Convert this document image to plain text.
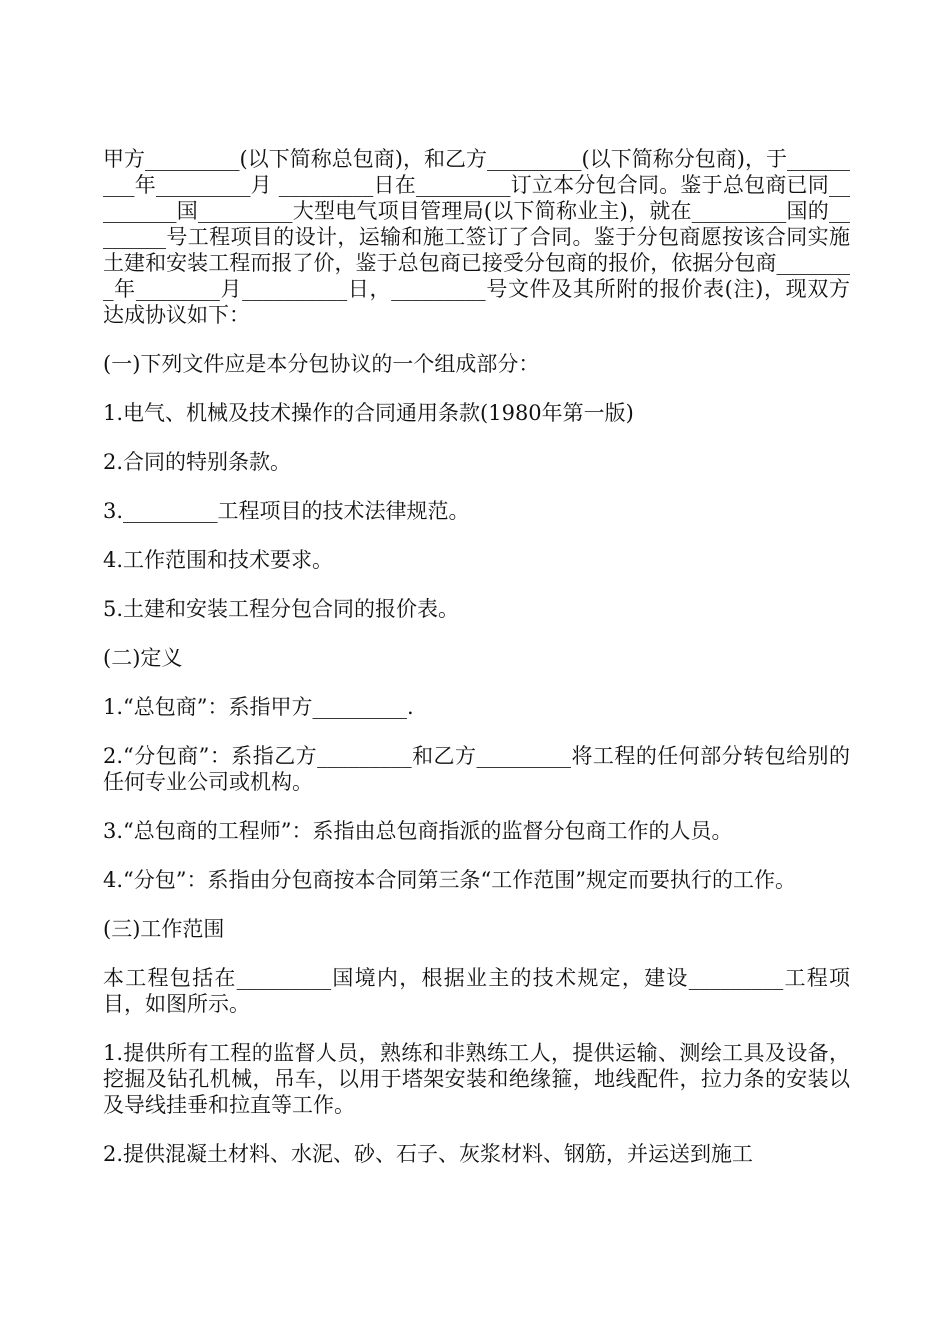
甲方_________(以下简称总包商)，和乙方_________(以下简称分包商)，于_________年_________月 _________日在_________订立本分包合同。鉴于总包商已同_________国_________大型电气项目管理局(以下简称业主)，就在_________国的________号工程项目的设计，运输和施工签订了合同。鉴于分包商愿按该合同实施土建和安装工程而报了价，鉴于总包商已接受分包商的报价，依据分包商________年________月__________日，_________号文件及其所附的报价表(注)，现双方达成协议如下：

(一)下列文件应是本分包协议的一个组成部分：

1.电气、机械及技术操作的合同通用条款(1980年第一版)

2.合同的特别条款。

3._________工程项目的技术法律规范。

4.工作范围和技术要求。

5.土建和安装工程分包合同的报价表。

(二)定义

1.“总包商”：系指甲方_________.

2.“分包商”：系指乙方_________和乙方_________将工程的任何部分转包给别的任何专业公司或机构。

3.“总包商的工程师”：系指由总包商指派的监督分包商工作的人员。

4.“分包”：系指由分包商按本合同第三条“工作范围”规定而要执行的工作。

(三)工作范围

本工程包括在_________国境内，根据业主的技术规定，建设_________工程项目，如图所示。

1.提供所有工程的监督人员，熟练和非熟练工人，提供运输、测绘工具及设备，挖掘及钻孔机械，吊车，以用于塔架安装和绝缘箍，地线配件，拉力条的安装以及导线挂垂和拉直等工作。

2.提供混凝土材料、水泥、砂、石子、灰浆材料、钢筋，并运送到施工
